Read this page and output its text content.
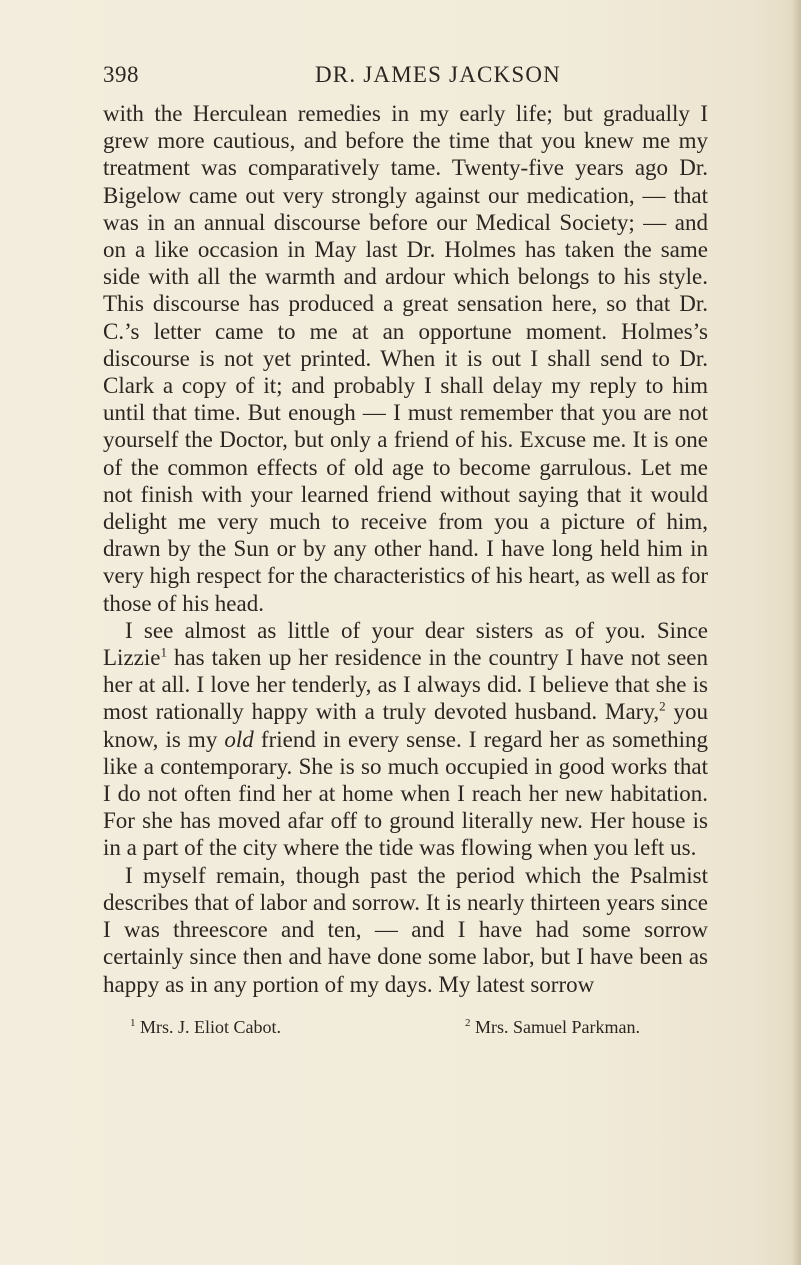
398	DR. JAMES JACKSON

with the Herculean remedies in my early life; but gradually I grew more cautious, and before the time that you knew me my treatment was comparatively tame. Twenty-five years ago Dr. Bigelow came out very strongly against our medication, — that was in an annual discourse before our Medical Society; — and on a like occasion in May last Dr. Holmes has taken the same side with all the warmth and ardour which belongs to his style. This discourse has produced a great sensation here, so that Dr. C.’s letter came to me at an opportune moment. Holmes’s discourse is not yet printed. When it is out I shall send to Dr. Clark a copy of it; and probably I shall delay my reply to him until that time. But enough — I must remember that you are not yourself the Doctor, but only a friend of his. Excuse me. It is one of the common effects of old age to become garrulous. Let me not finish with your learned friend without saying that it would delight me very much to receive from you a picture of him, drawn by the Sun or by any other hand. I have long held him in very high respect for the characteristics of his heart, as well as for those of his head.

I see almost as little of your dear sisters as of you. Since Lizzie$^1$ has taken up her residence in the country I have not seen her at all. I love her tenderly, as I always did. I believe that she is most rationally happy with a truly devoted husband. Mary,$^2$ you know, is my old friend in every sense. I regard her as something like a contemporary. She is so much occupied in good works that I do not often find her at home when I reach her new habitation. For she has moved afar off to ground literally new. Her house is in a part of the city where the tide was flowing when you left us.

I myself remain, though past the period which the Psalmist describes that of labor and sorrow. It is nearly thirteen years since I was threescore and ten, — and I have had some sorrow certainly since then and have done some labor, but I have been as happy as in any portion of my days. My latest sorrow

$^1$ Mrs. J. Eliot Cabot.	$^2$ Mrs. Samuel Parkman.
